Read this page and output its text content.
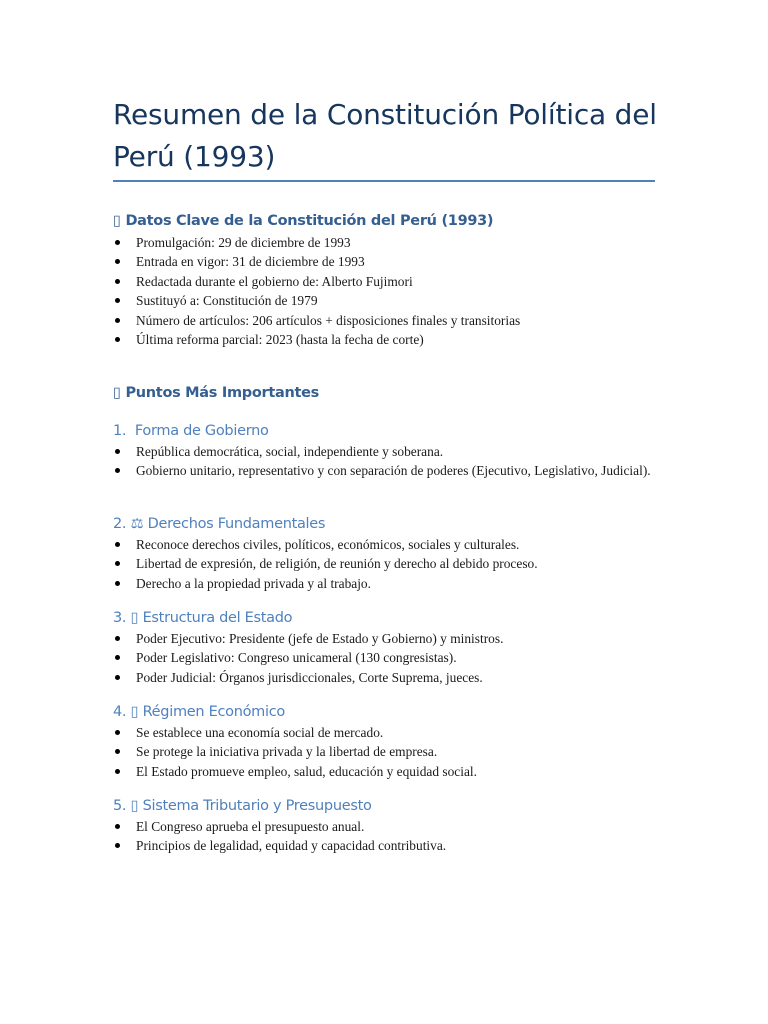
Resumen de la Constitución Política del Perú (1993)
▯ Datos Clave de la Constitución del Perú (1993)
Promulgación: 29 de diciembre de 1993
Entrada en vigor: 31 de diciembre de 1993
Redactada durante el gobierno de: Alberto Fujimori
Sustituyó a: Constitución de 1979
Número de artículos: 206 artículos + disposiciones finales y transitorias
Última reforma parcial: 2023 (hasta la fecha de corte)
▯ Puntos Más Importantes
1. Forma de Gobierno
República democrática, social, independiente y soberana.
Gobierno unitario, representativo y con separación de poderes (Ejecutivo, Legislativo, Judicial).
2. ⚖ Derechos Fundamentales
Reconoce derechos civiles, políticos, económicos, sociales y culturales.
Libertad de expresión, de religión, de reunión y derecho al debido proceso.
Derecho a la propiedad privada y al trabajo.
3. ▯ Estructura del Estado
Poder Ejecutivo: Presidente (jefe de Estado y Gobierno) y ministros.
Poder Legislativo: Congreso unicameral (130 congresistas).
Poder Judicial: Órganos jurisdiccionales, Corte Suprema, jueces.
4. ▯ Régimen Económico
Se establece una economía social de mercado.
Se protege la iniciativa privada y la libertad de empresa.
El Estado promueve empleo, salud, educación y equidad social.
5. ▯ Sistema Tributario y Presupuesto
El Congreso aprueba el presupuesto anual.
Principios de legalidad, equidad y capacidad contributiva.
